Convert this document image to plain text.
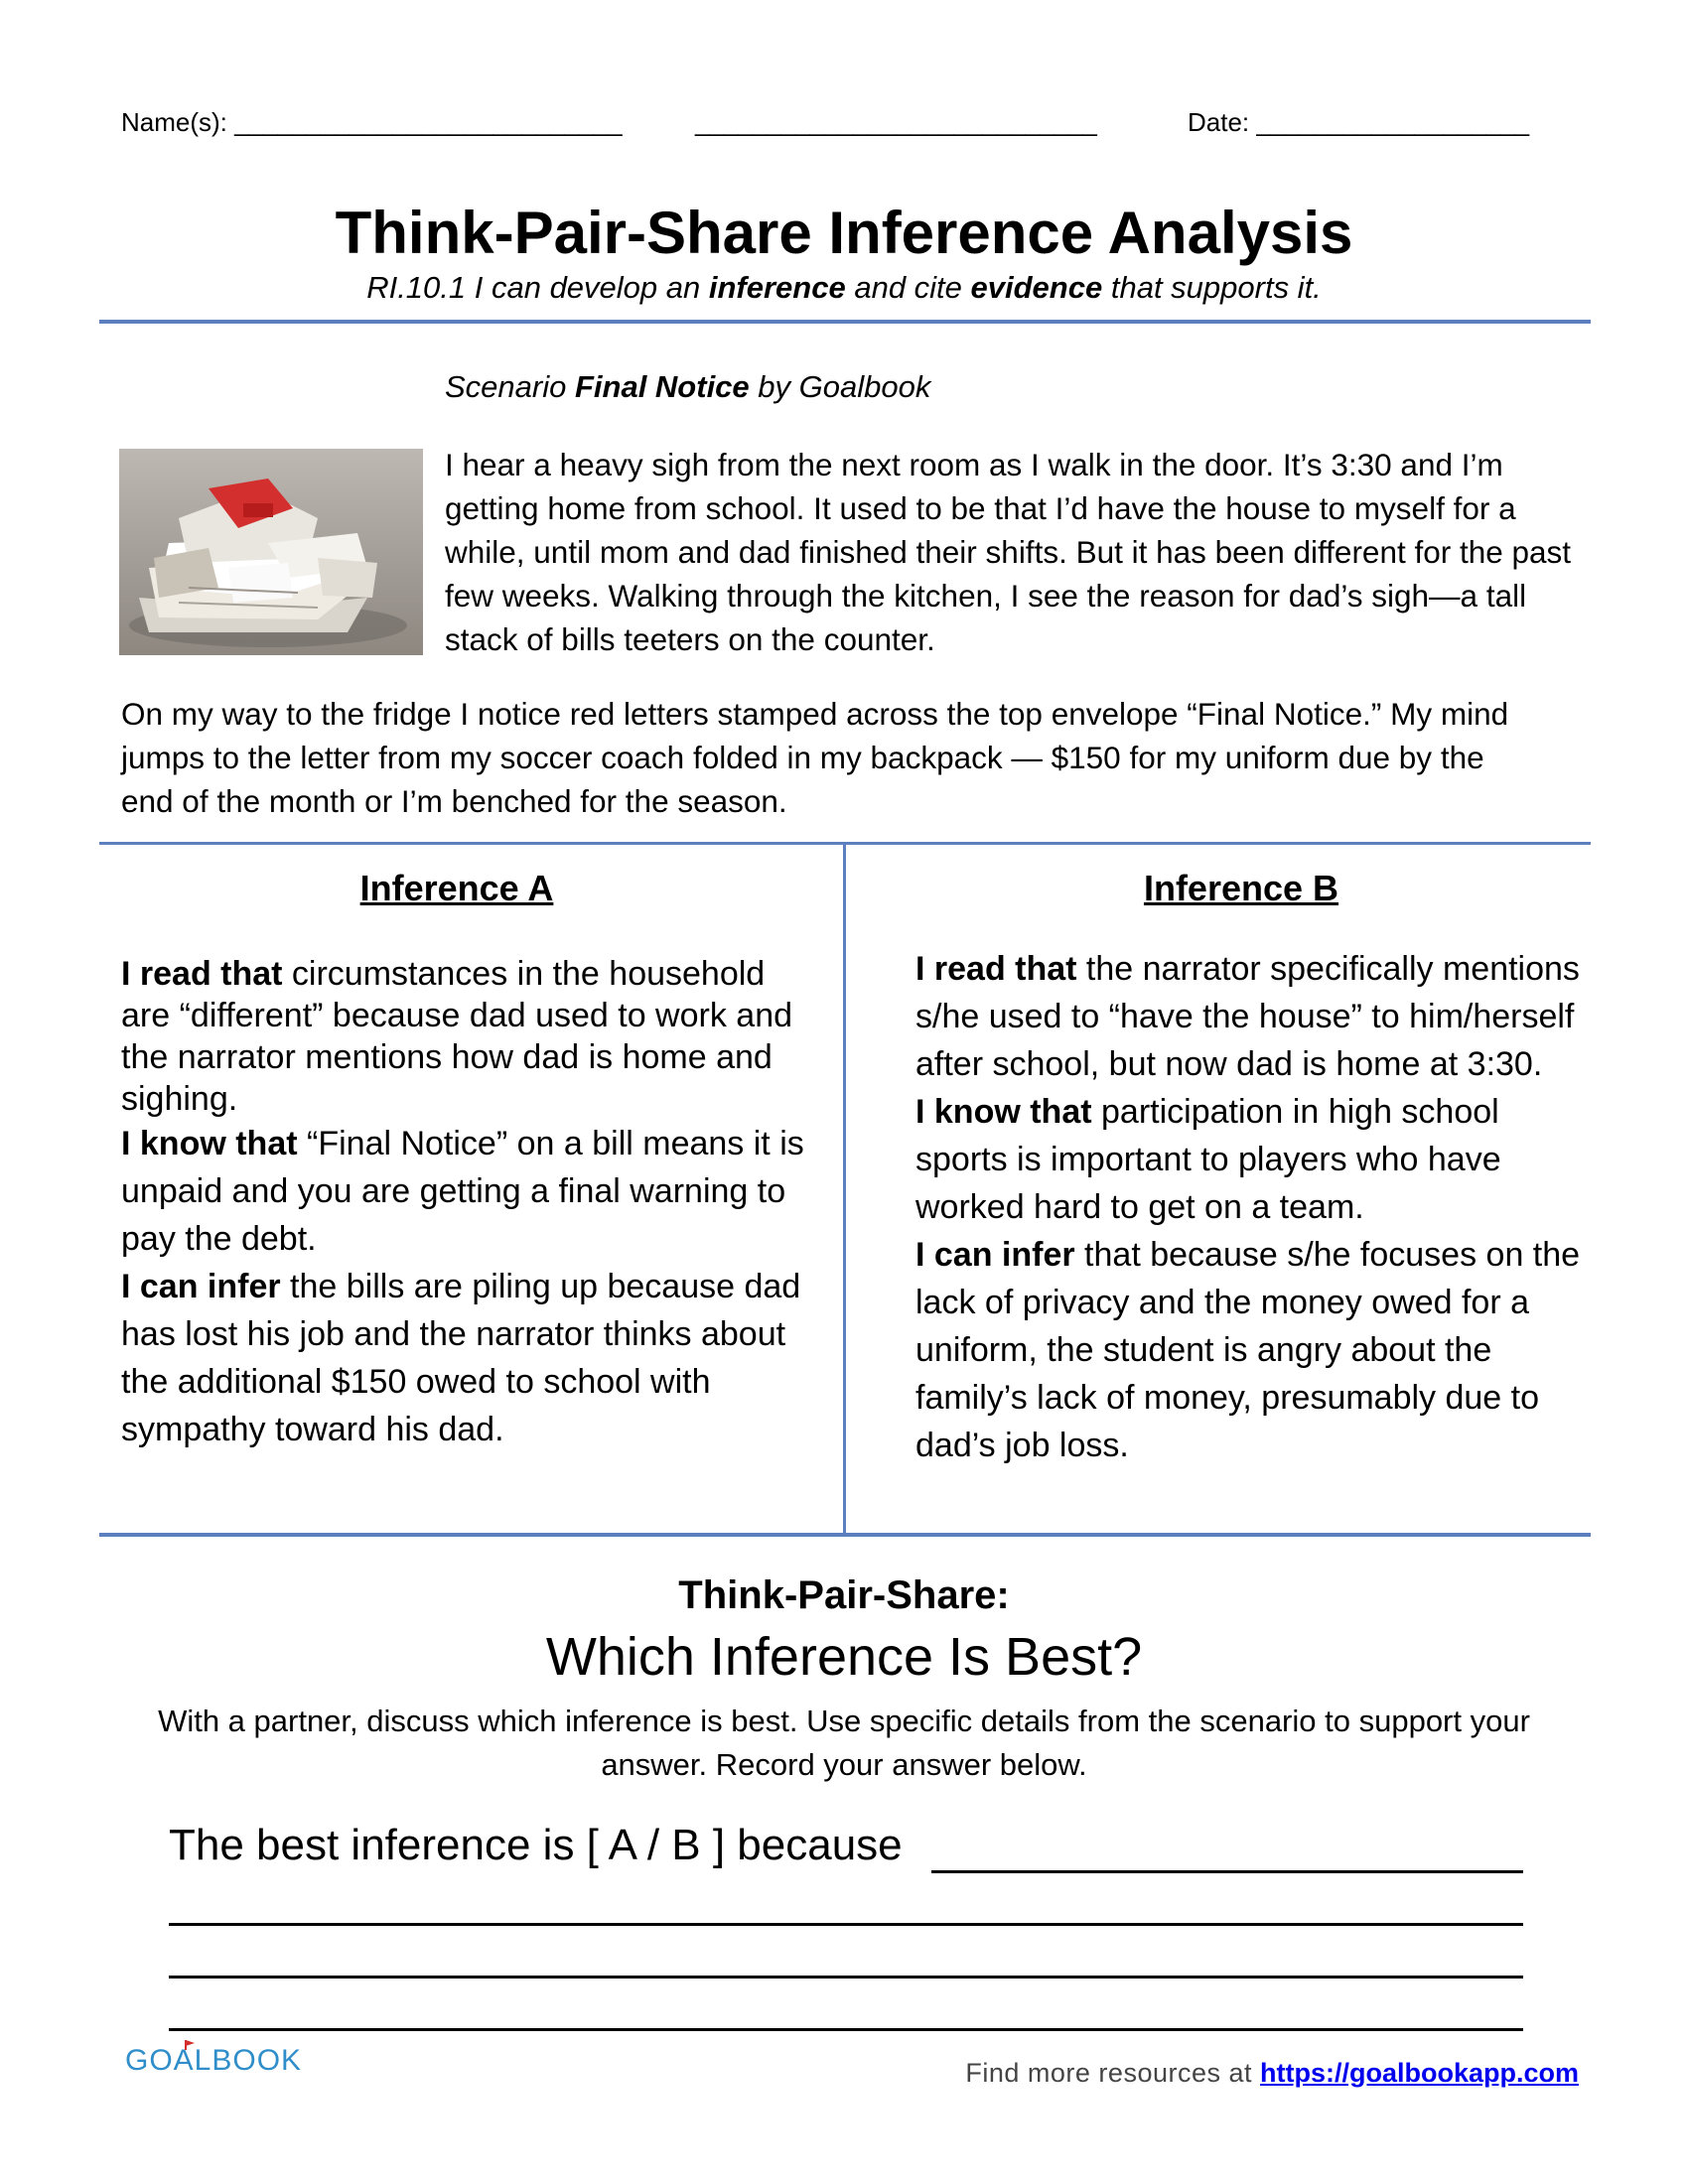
Name(s): ___________________________	____________________________	Date: ___________________
Think-Pair-Share Inference Analysis
RI.10.1 I can develop an inference and cite evidence that supports it.
Scenario Final Notice by Goalbook
I hear a heavy sigh from the next room as I walk in the door. It’s 3:30 and I’m getting home from school. It used to be that I’d have the house to myself for a while, until mom and dad finished their shifts. But it has been different for the past few weeks. Walking through the kitchen, I see the reason for dad’s sigh—a tall stack of bills teeters on the counter.
On my way to the fridge I notice red letters stamped across the top envelope “Final Notice.” My mind jumps to the letter from my soccer coach folded in my backpack — $150 for my uniform due by the end of the month or I’m benched for the season.
Inference A

I read that circumstances in the household are “different” because dad used to work and the narrator mentions how dad is home and sighing.

I know that “Final Notice” on a bill means it is unpaid and you are getting a final warning to pay the debt.

I can infer the bills are piling up because dad has lost his job and the narrator thinks about the additional $150 owed to school with sympathy toward his dad.

Inference B

I read that the narrator specifically mentions s/he used to “have the house” to him/herself after school, but now dad is home at 3:30.

I know that participation in high school sports is important to players who have worked hard to get on a team.

I can infer that because s/he focuses on the lack of privacy and the money owed for a uniform, the student is angry about the family’s lack of money, presumably due to dad’s job loss.

Think-Pair-Share:
Which Inference Is Best?
With a partner, discuss which inference is best. Use specific details from the scenario to support your answer. Record your answer below.
The best inference is [ A / B ] because
GOALBOOK	Find more resources at https://goalbookapp.com
